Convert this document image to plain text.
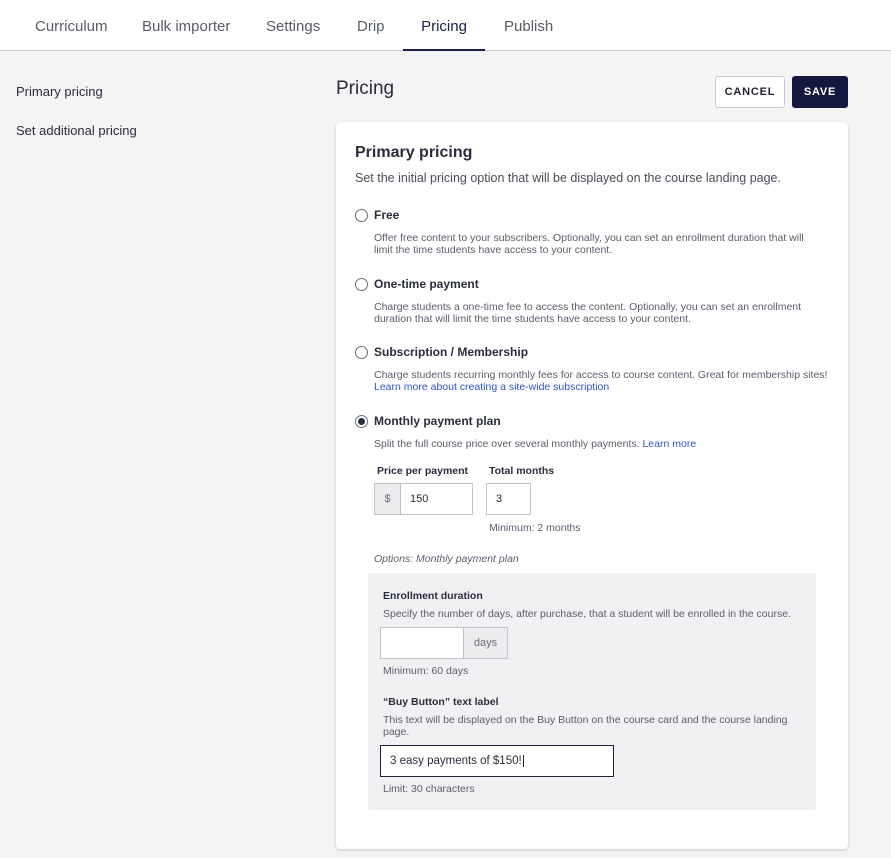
Curriculum Bulk importer Settings Drip	Pricing	Publish
Primary pricing
Set additional pricing
Pricing	CANCEL	SAVE
Primary pricing
Set the initial pricing option that will be displayed on the course landing page.
Free
Offer free content to your subscribers. Optionally, you can set an enrollment duration that will limit the time students have access to your content.
One-time payment
Charge students a one-time fee to access the content. Optionally, you can set an enrollment duration that will limit the time students have access to your content.
Subscription / Membership
Charge students recurring monthly fees for access to course content. Great for membership sites!
Learn more about creating a site-wide subscription
Monthly payment plan
Split the full course price over several monthly payments. Learn more
Price per payment
$	150
Total months
3
Minimum: 2 months
Options: Monthly payment plan
Enrollment duration
Specify the number of days, after purchase, that a student will be enrolled in the course.
days
Minimum: 60 days
“Buy Button” text label
This text will be displayed on the Buy Button on the course card and the course landing page.
3 easy payments of $150!
Limit: 30 characters
